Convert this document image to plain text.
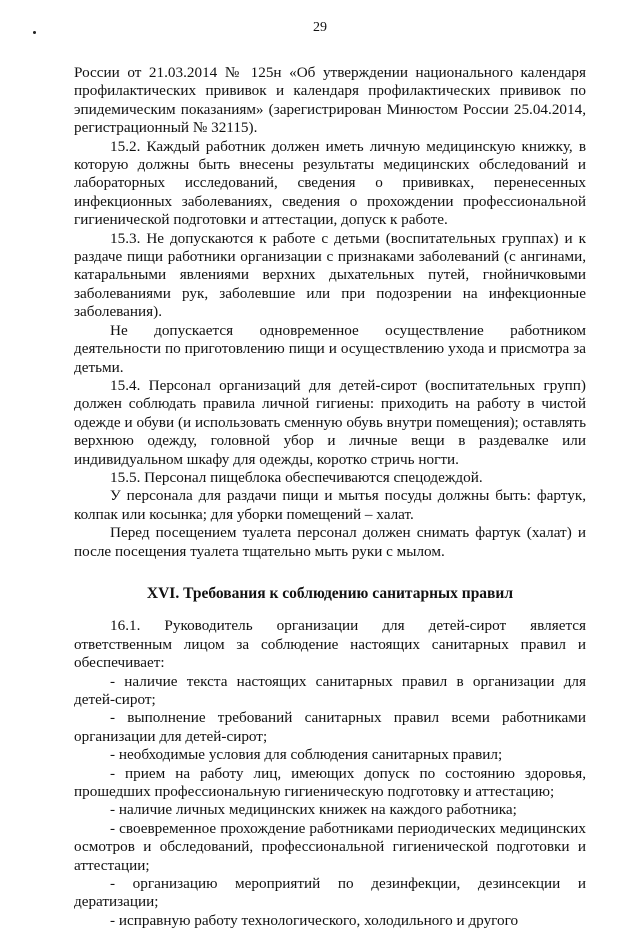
29

России от 21.03.2014 № 125н «Об утверждении национального календаря профилактических прививок и календаря профилактических прививок по эпидемическим показаниям» (зарегистрирован Минюстом России 25.04.2014, регистрационный № 32115).

15.2. Каждый работник должен иметь личную медицинскую книжку, в которую должны быть внесены результаты медицинских обследований и лабораторных исследований, сведения о прививках, перенесенных инфекционных заболеваниях, сведения о прохождении профессиональной гигиенической подготовки и аттестации, допуск к работе.

15.3. Не допускаются к работе с детьми (воспитательных группах) и к раздаче пищи работники организации с признаками заболеваний (с ангинами, катаральными явлениями верхних дыхательных путей, гнойничковыми заболеваниями рук, заболевшие или при подозрении на инфекционные заболевания).

Не допускается одновременное осуществление работником деятельности по приготовлению пищи и осуществлению ухода и присмотра за детьми.

15.4. Персонал организаций для детей-сирот (воспитательных групп) должен соблюдать правила личной гигиены: приходить на работу в чистой одежде и обуви (и использовать сменную обувь внутри помещения); оставлять верхнюю одежду, головной убор и личные вещи в раздевалке или индивидуальном шкафу для одежды, коротко стричь ногти.

15.5. Персонал пищеблока обеспечиваются спецодеждой.

У персонала для раздачи пищи и мытья посуды должны быть: фартук, колпак или косынка; для уборки помещений – халат.

Перед посещением туалета персонал должен снимать фартук (халат) и после посещения туалета тщательно мыть руки с мылом.

XVI. Требования к соблюдению санитарных правил

16.1. Руководитель организации для детей-сирот является ответственным лицом за соблюдение настоящих санитарных правил и обеспечивает:

- наличие текста настоящих санитарных правил в организации для детей-сирот;

- выполнение требований санитарных правил всеми работниками организации для детей-сирот;

- необходимые условия для соблюдения санитарных правил;

- прием на работу лиц, имеющих допуск по состоянию здоровья, прошедших профессиональную гигиеническую подготовку и аттестацию;

- наличие личных медицинских книжек на каждого работника;

- своевременное прохождение работниками периодических медицинских осмотров и обследований, профессиональной гигиенической подготовки и аттестации;

- организацию мероприятий по дезинфекции, дезинсекции и дератизации;

- исправную работу технологического, холодильного и другого
